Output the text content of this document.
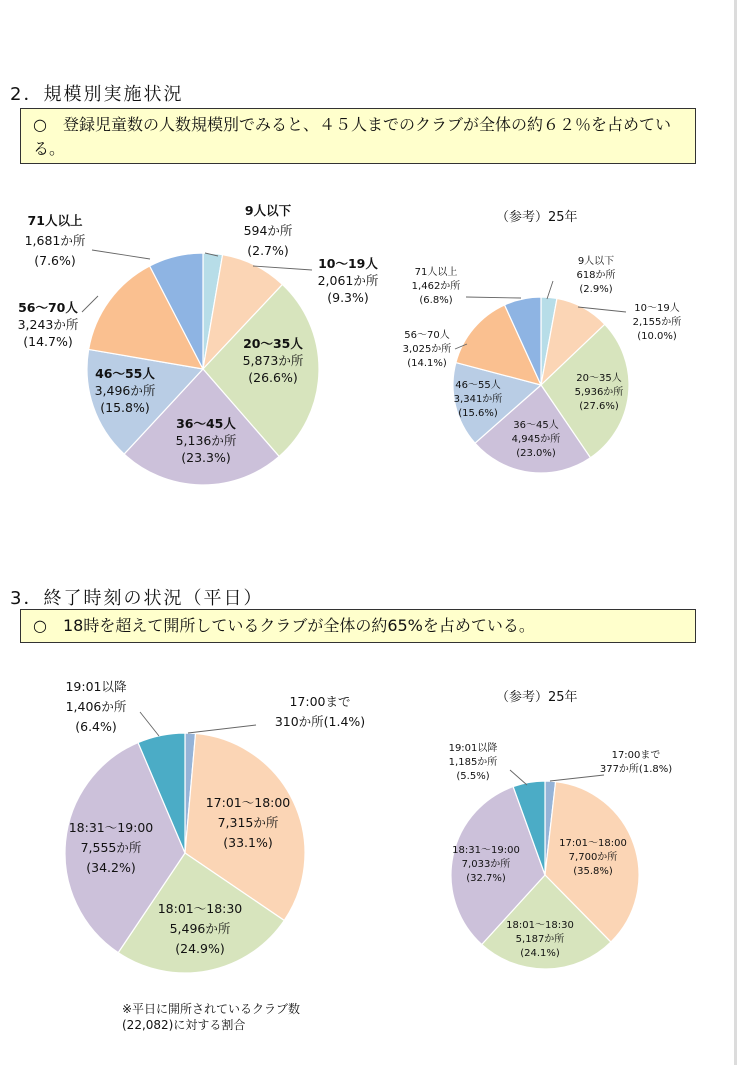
2．規模別実施状況
○　登録児童数の人数規模別でみると、４５人までのクラブが全体の約６２％を占めている。
（参考）25年
3．終了時刻の状況（平日）
○　18時を超えて開所しているクラブが全体の約65%を占めている。
（参考）25年
※平日に開所されているクラブ数
(22,082)に対する割合
9人以下
594か所
(2.7%)
10～19人
2,061か所
(9.3%)
20～35人
5,873か所
(26.6%)
36～45人
5,136か所
(23.3%)
46～55人
3,496か所
(15.8%)
56～70人
3,243か所
(14.7%)
71人以上
1,681か所
(7.6%)	9人以下
618か所
(2.9%)
10～19人
2,155か所
(10.0%)
20～35人
5,936か所
(27.6%)
36～45人
4,945か所
(23.0%)
46～55人
3,341か所
(15.6%)
56～70人
3,025か所
(14.1%)
71人以上
1,462か所
(6.8%)
17:00まで
310か所(1.4%)
17:01～18:00
7,315か所
(33.1%)
18:01～18:30
5,496か所
(24.9%)
18:31～19:00
7,555か所
(34.2%)
19:01以降
1,406か所
(6.4%)
17:00まで
377か所(1.8%)
17:01～18:00
7,700か所
(35.8%)
18:01～18:30
5,187か所
(24.1%)
18:31～19:00
7,033か所
(32.7%)
19:01以降
1,185か所
(5.5%)
